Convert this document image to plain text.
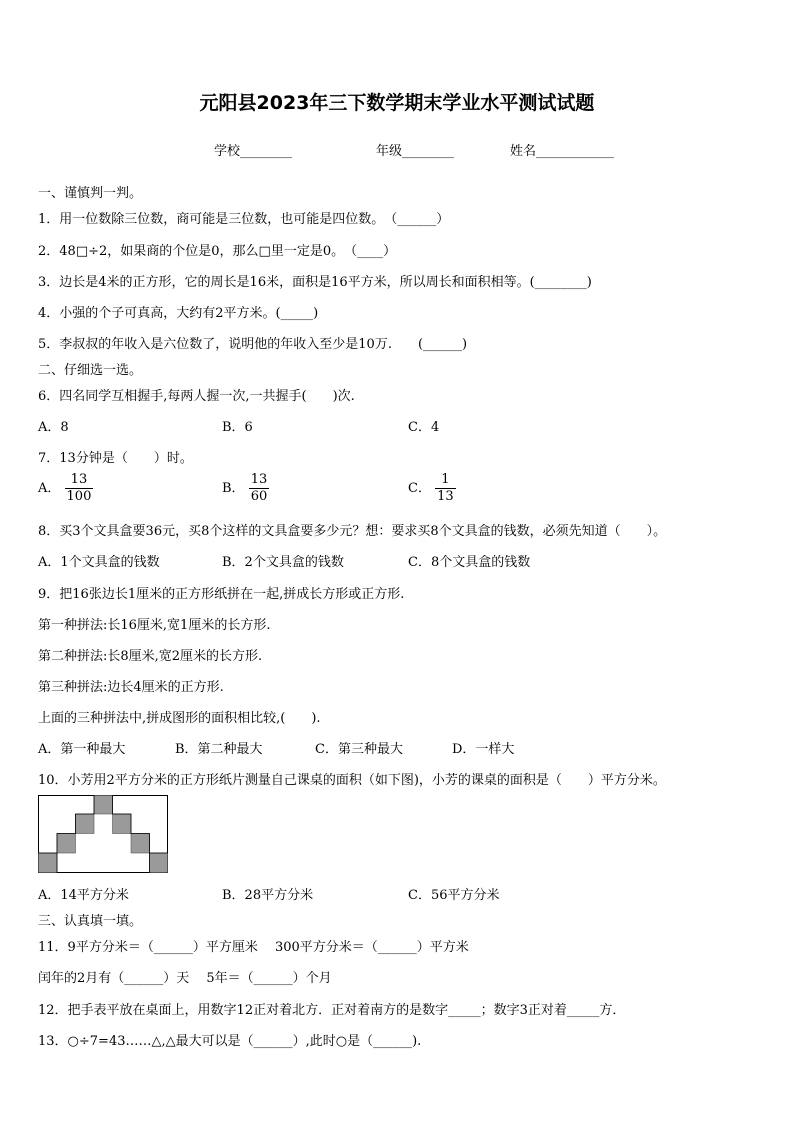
元阳县2023年三下数学期末学业水平测试试题
学校________	年级________	姓名____________
一、谨慎判一判。
1．用一位数除三位数，商可能是三位数，也可能是四位数。　（______）
2．48□÷2，如果商的个位是0，那么□里一定是0。　（____）
3．边长是4米的正方形，它的周长是16米，面积是16平方米，所以周长和面积相等。(________)
4．小强的个子可真高，大约有2平方米。(_____)
5．李叔叔的年收入是六位数了，说明他的年收入至少是10万.　　(______)
二、仔细选一选。
6．四名同学互相握手,每两人握一次,一共握手(　　)次.
A．8	B．6	C．4
7．13分钟是（　　）时。
A． $\frac{13}{100}$	B． $\frac{13}{60}$	C． $\frac{1}{13}$
8．买3个文具盒要36元，买8个这样的文具盒要多少元？想：要求买8个文具盒的钱数，必须先知道（　　）。
A．1个文具盒的钱数	B．2个文具盒的钱数	C．8个文具盒的钱数
9．把16张边长1厘米的正方形纸拼在一起,拼成长方形或正方形.
第一种拼法:长16厘米,宽1厘米的长方形.
第二种拼法:长8厘米,宽2厘米的长方形.
第三种拼法:边长4厘米的正方形.
上面的三种拼法中,拼成图形的面积相比较,(　　).
A．第一种最大	B．第二种最大	C．第三种最大	D．一样大
10．小芳用2平方分米的正方形纸片测量自己课桌的面积（如下图)，小芳的课桌的面积是（　　）平方分米。
A．14平方分米	B．28平方分米	C．56平方分米
三、认真填一填。
11．9平方分米＝（______）平方厘米　 300平方分米＝（______）平方米
闰年的2月有（______）天　 5年＝（______）个月
12．把手表平放在桌面上，用数字12正对着北方．正对着南方的是数字_____；数字3正对着_____方．
13．○÷7=43……△,△最大可以是（______）,此时○是（______).
